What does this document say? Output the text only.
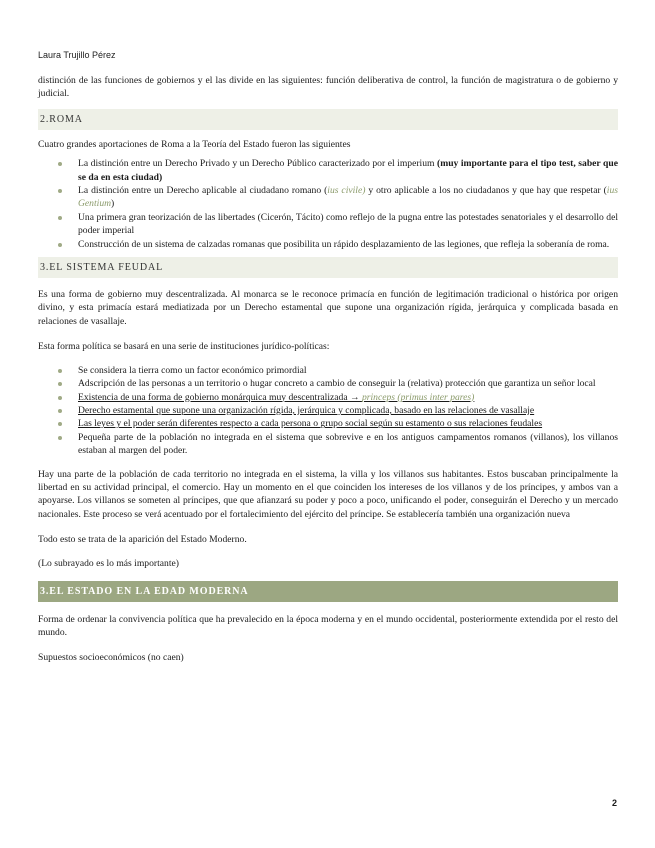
Laura Trujillo Pérez

distinción de las funciones de gobiernos y el las divide en las siguientes: función deliberativa de control, la función de magistratura o de gobierno y judicial.

2.ROMA

Cuatro grandes aportaciones de Roma a la Teoría del Estado fueron las siguientes

La distinción entre un Derecho Privado y un Derecho Público caracterizado por el imperium (muy importante para el tipo test, saber que se da en esta ciudad)
La distinción entre un Derecho aplicable al ciudadano romano (ius civile) y otro aplicable a los no ciudadanos y que hay que respetar (ius Gentium)
Una primera gran teorización de las libertades (Cicerón, Tácito) como reflejo de la pugna entre las potestades senatoriales y el desarrollo del poder imperial
Construcción de un sistema de calzadas romanas que posibilita un rápido desplazamiento de las legiones, que refleja la soberanía de roma.
3.EL SISTEMA FEUDAL

Es una forma de gobierno muy descentralizada. Al monarca se le reconoce primacía en función de legitimación tradicional o histórica por origen divino, y esta primacía estará mediatizada por un Derecho estamental que supone una organización rígida, jerárquica y complicada basada en relaciones de vasallaje.

Esta forma política se basará en una serie de instituciones jurídico-políticas:

Se considera la tierra como un factor económico primordial
Adscripción de las personas a un territorio o hugar concreto a cambio de conseguir la (relativa) protección que garantiza un señor local
Existencia de una forma de gobierno monárquica muy descentralizada → princeps (primus inter pares)
Derecho estamental que supone una organización rígida, jerárquica y complicada, basado en las relaciones de vasallaje
Las leyes y el poder serán diferentes respecto a cada persona o grupo social según su estamento o sus relaciones feudales
Pequeña parte de la población no integrada en el sistema que sobrevive e en los antiguos campamentos romanos (villanos), los villanos estaban al margen del poder.

Hay una parte de la población de cada territorio no integrada en el sistema, la villa y los villanos sus habitantes. Estos buscaban principalmente la libertad en su actividad principal, el comercio. Hay un momento en el que coinciden los intereses de los villanos y de los príncipes, y ambos van a apoyarse. Los villanos se someten al príncipes, que que afianzará su poder y poco a poco, unificando el poder, conseguirán el Derecho y un mercado nacionales. Este proceso se verá acentuado por el fortalecimiento del ejército del príncipe. Se establecería también una organización nueva

Todo esto se trata de la aparición del Estado Moderno.

(Lo subrayado es lo más importante)

3.EL ESTADO EN LA EDAD MODERNA

Forma de ordenar la convivencia política que ha prevalecido en la época moderna y en el mundo occidental, posteriormente extendida por el resto del mundo.

Supuestos socioeconómicos (no caen)

2
